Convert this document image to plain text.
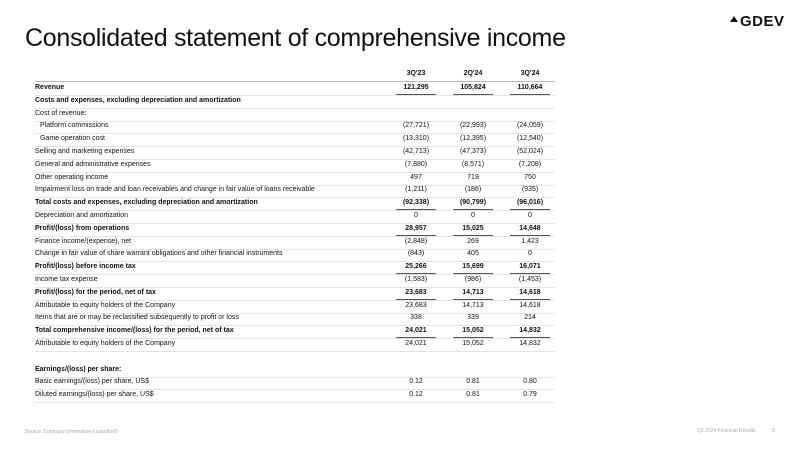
Consolidated statement of comprehensive income
GDEV
3Q'23	2Q'24	3Q'24
Revenue	121,295	105,824	110,664
Costs and expenses, excluding depreciation and amortization
Cost of revenue:
Platform commissions	(27,721)	(22,993)	(24,059)
Game operation cost	(13,310)	(12,395)	(12,540)
Selling and marketing expenses	(42,713)	(47,373)	(52,024)
General and administrative expenses	(7,880)	(8,571)	(7,208)
Other operating income	497	719	750
Impairment loss on trade and loan receivables and change in fair value of loans receivable	(1,211)	(186)	(935)
Total costs and expenses, excluding depreciation and amortization	(92,338)	(90,799)	(96,016)
Depreciation and amortization	0	0	0
Profit/(loss) from operations	28,957	15,025	14,648
Finance income/(expense), net	(2,848)	269	1,423
Change in fair value of share warrant obligations and other financial instruments	(843)	405	0
Profit/(loss) before income tax	25,266	15,699	16,071
Income tax expense	(1,583)	(986)	(1,453)
Profit/(loss) for the period, net of tax	23,683	14,713	14,618
Attributable to equity holders of the Company	23,683	14,713	14,618
Items that are or may be reclassified subsequently to profit or loss	338	339	214
Total comprehensive income/(loss) for the period, net of tax	24,021	15,052	14,832
Attributable to equity holders of the Company	24,021	15,052	14,832
Earnings/(loss) per share:
Basic earnings/(loss) per share, US$	0.12	0.81	0.80
Diluted earnings/(loss) per share, US$	0.12	0.81	0.79
Source: Company information (unaudited)	Q3 2024 Financial Results	8
